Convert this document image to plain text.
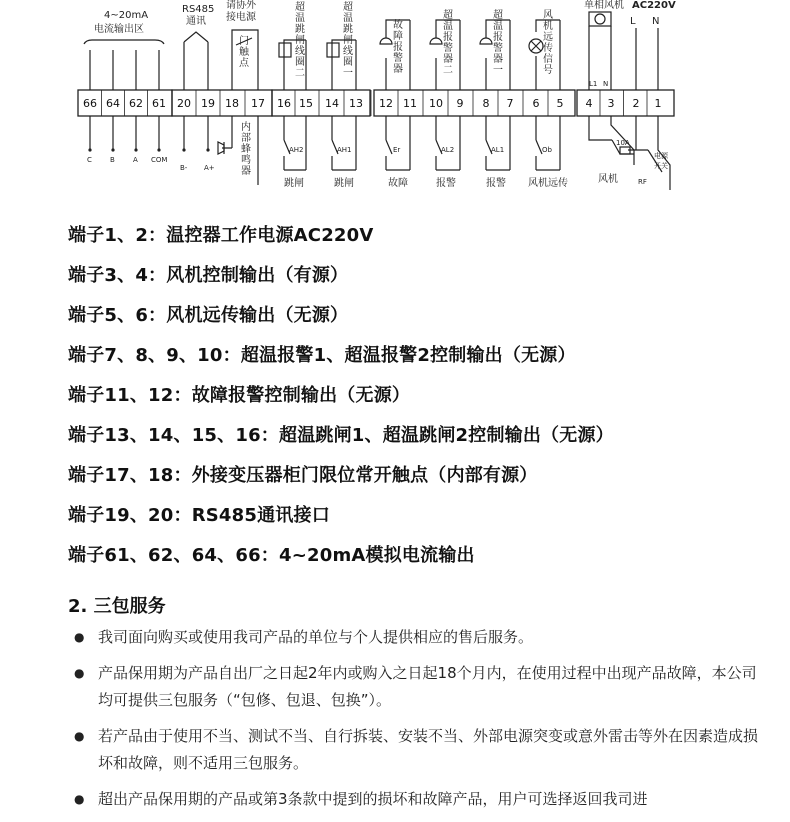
66 64 62 61 20 19 18 17 16 15 14 13 12 11 10 9 8 7 6 5 4 3 2 1
4~20mA
电流输出区
RS485
通讯
请协外
接电源
门触点
超温跳闸线圈二
超温跳闸线圈一
故障报警器
超温报警器二
超温报警器一
风机远传信号
单相风机 AC220V
L N
L1 N
C	B	A COM
B- A+
内部蜂鸣器
AH2	AH1	Er	AL2	AL1	Ob
跳闸	跳闸	故障	报警	报警 风机远传
10A
风机
电源
开关
RF
端子1、2：温控器工作电源AC220V
端子3、4：风机控制输出（有源）
端子5、6：风机远传输出（无源）
端子7、8、9、10：超温报警1、超温报警2控制输出（无源）
端子11、12：故障报警控制输出（无源）
端子13、14、15、16：超温跳闸1、超温跳闸2控制输出（无源）
端子17、18：外接变压器柜门限位常开触点（内部有源）
端子19、20：RS485通讯接口
端子61、62、64、66：4~20mA模拟电流输出
2. 三包服务
● 我司面向购买或使用我司产品的单位与个人提供相应的售后服务。
● 产品保用期为产品自出厂之日起2年内或购入之日起18个月内，在使用过程中出现产品故障，本公司均可提供三包服务（“包修、包退、包换”）。
● 若产品由于使用不当、测试不当、自行拆装、安装不当、外部电源突变或意外雷击等外在因素造成损坏和故障，则不适用三包服务。
● 超出产品保用期的产品或第3条款中提到的损坏和故障产品，用户可选择返回我司进
